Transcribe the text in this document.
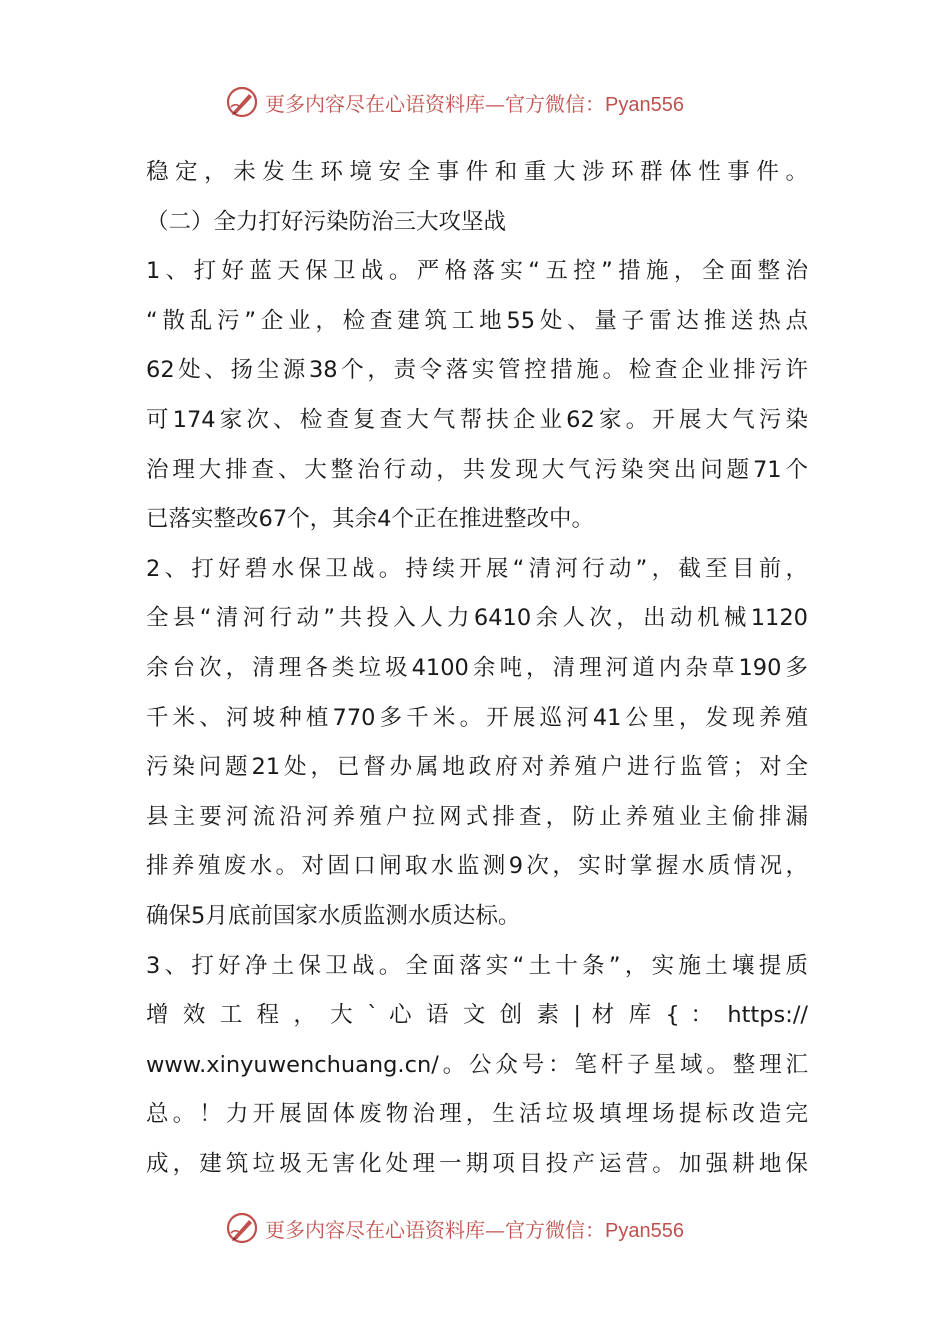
更多内容尽在心语资料库—官方微信：Pyan556
稳定，未发生环境安全事件和重大涉环群体性事件。
（二）全力打好污染防治三大攻坚战
1、打好蓝天保卫战。严格落实“五控”措施，全面整治
“散乱污”企业，检查建筑工地55处、量子雷达推送热点
62处、扬尘源38个，责令落实管控措施。检查企业排污许
可174家次、检查复查大气帮扶企业62家。开展大气污染
治理大排查、大整治行动，共发现大气污染突出问题71个
已落实整改67个，其余4个正在推进整改中。
2、打好碧水保卫战。持续开展“清河行动”，截至目前，
全县“清河行动”共投入人力6410余人次，出动机械1120
余台次，清理各类垃圾4100余吨，清理河道内杂草190多
千米、河坡种植770多千米。开展巡河41公里，发现养殖
污染问题21处，已督办属地政府对养殖户进行监管；对全
县主要河流沿河养殖户拉网式排查，防止养殖业主偷排漏
排养殖废水。对固口闸取水监测9次，实时掌握水质情况，
确保5月底前国家水质监测水质达标。
3、打好净土保卫战。全面落实“土十条”，实施土壤提质
增 效 工 程 ， 大 ` 心 语 文 创 素 | 材 库 { ： https://
www.xinyuwenchuang.cn/。公众号：笔杆子星域。整理汇
总。！力开展固体废物治理，生活垃圾填埋场提标改造完
成，建筑垃圾无害化处理一期项目投产运营。加强耕地保
更多内容尽在心语资料库—官方微信：Pyan556
